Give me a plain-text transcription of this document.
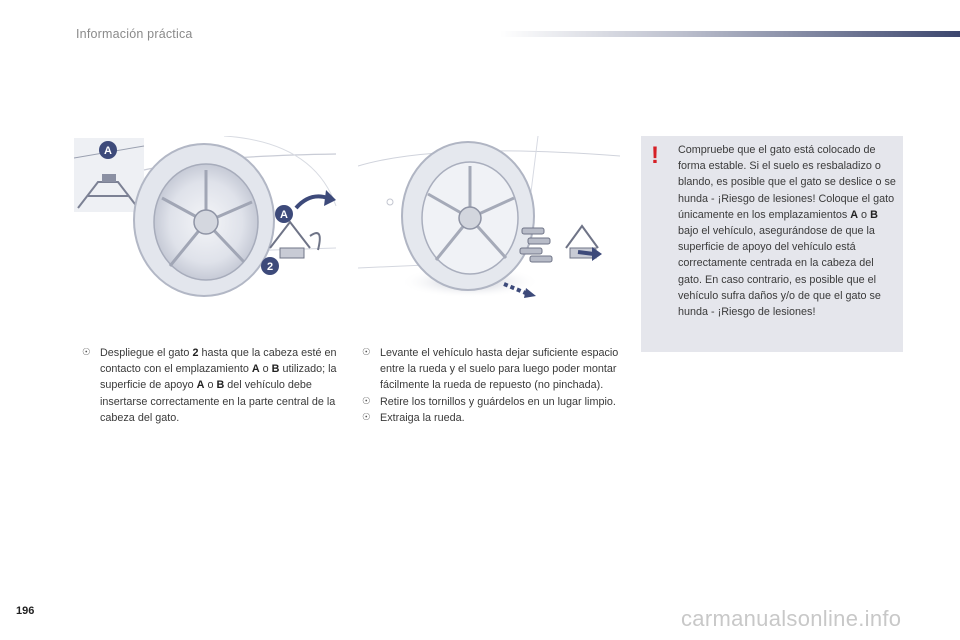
Información práctica
A
A
2

☉ Despliegue el gato 2 hasta que la cabeza esté en contacto con el emplazamiento A o B utilizado; la superficie de apoyo A o B del vehículo debe insertarse correctamente en la parte central de la cabeza del gato.

☉ Levante el vehículo hasta dejar suficiente espacio entre la rueda y el suelo para luego poder montar fácilmente la rueda de repuesto (no pinchada).

☉ Retire los tornillos y guárdelos en un lugar limpio.

☉ Extraiga la rueda.

! Compruebe que el gato está colocado de forma estable. Si el suelo es resbaladizo o blando, es posible que el gato se deslice o se hunda - ¡Riesgo de lesiones! Coloque el gato únicamente en los emplazamientos A o B bajo el vehículo, asegurándose de que la superficie de apoyo del vehículo está correctamente centrada en la cabeza del gato. En caso contrario, es posible que el vehículo sufra daños y/o de que el gato se hunda - ¡Riesgo de lesiones!
196	carmanualsonline.info
